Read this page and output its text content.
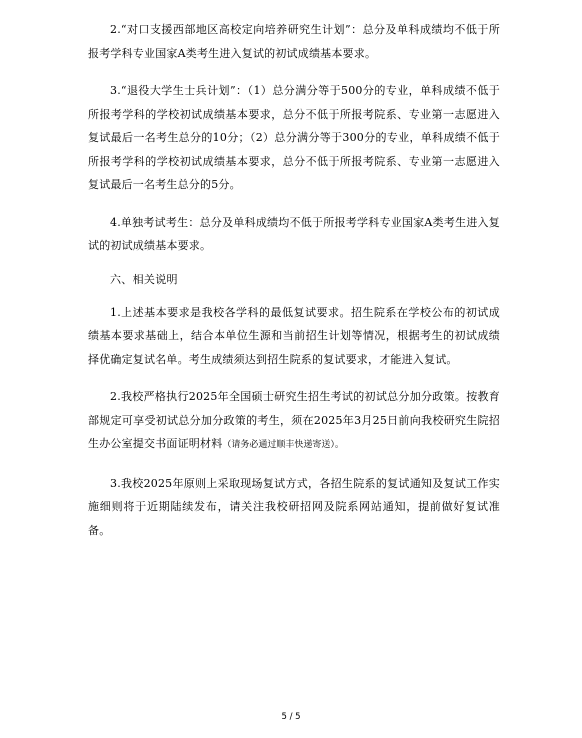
2.“对口支援西部地区高校定向培养研究生计划”：总分及单科成绩均不低于所报考学科专业国家A类考生进入复试的初试成绩基本要求。

3.“退役大学生士兵计划”：（1）总分满分等于500分的专业，单科成绩不低于所报考学科的学校初试成绩基本要求，总分不低于所报考院系、专业第一志愿进入复试最后一名考生总分的10分；（2）总分满分等于300分的专业，单科成绩不低于所报考学科的学校初试成绩基本要求，总分不低于所报考院系、专业第一志愿进入复试最后一名考生总分的5分。

4.单独考试考生：总分及单科成绩均不低于所报考学科专业国家A类考生进入复试的初试成绩基本要求。

六、相关说明

1.上述基本要求是我校各学科的最低复试要求。招生院系在学校公布的初试成绩基本要求基础上，结合本单位生源和当前招生计划等情况，根据考生的初试成绩择优确定复试名单。考生成绩须达到招生院系的复试要求，才能进入复试。

2.我校严格执行2025年全国硕士研究生招生考试的初试总分加分政策。按教育部规定可享受初试总分加分政策的考生，须在2025年3月25日前向我校研究生院招生办公室提交书面证明材料（请务必通过顺丰快递寄送）。

3.我校2025年原则上采取现场复试方式，各招生院系的复试通知及复试工作实施细则将于近期陆续发布，请关注我校研招网及院系网站通知，提前做好复试准备。

5 / 5
